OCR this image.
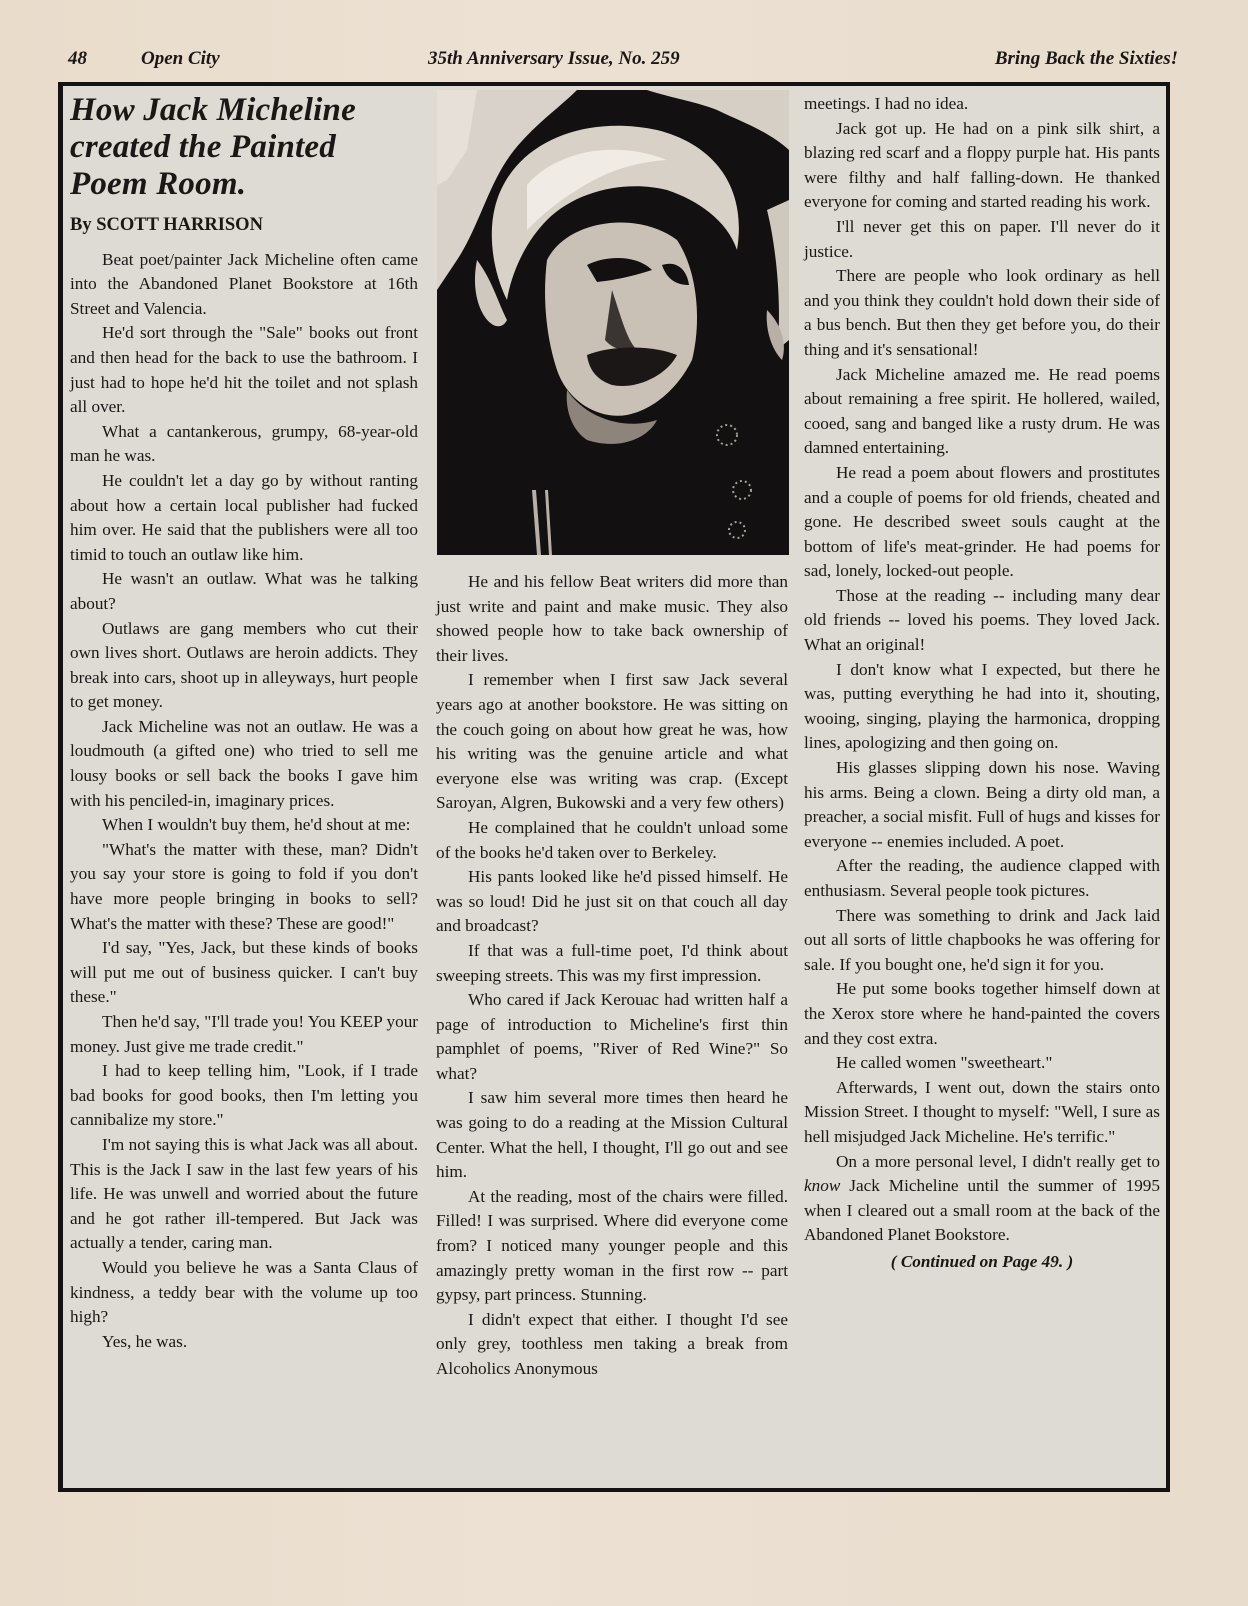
48	Open City	35th Anniversary Issue, No. 259	Bring Back the Sixties!
How Jack Micheline created the Painted Poem Room.
By SCOTT HARRISON

Beat poet/painter Jack Micheline often came into the Abandoned Planet Bookstore at 16th Street and Valencia.

He'd sort through the "Sale" books out front and then head for the back to use the bathroom. I just had to hope he'd hit the toilet and not splash all over.

What a cantankerous, grumpy, 68-year-old man he was.

He couldn't let a day go by without ranting about how a certain local publisher had fucked him over. He said that the publishers were all too timid to touch an outlaw like him.

He wasn't an outlaw. What was he talking about?

Outlaws are gang members who cut their own lives short. Outlaws are heroin addicts. They break into cars, shoot up in alleyways, hurt people to get money.

Jack Micheline was not an outlaw. He was a loudmouth (a gifted one) who tried to sell me lousy books or sell back the books I gave him with his penciled-in, imaginary prices.

When I wouldn't buy them, he'd shout at me:

"What's the matter with these, man? Didn't you say your store is going to fold if you don't have more people bringing in books to sell? What's the matter with these? These are good!"

I'd say, "Yes, Jack, but these kinds of books will put me out of business quicker. I can't buy these."

Then he'd say, "I'll trade you! You KEEP your money. Just give me trade credit."

I had to keep telling him, "Look, if I trade bad books for good books, then I'm letting you cannibalize my store."

I'm not saying this is what Jack was all about. This is the Jack I saw in the last few years of his life. He was unwell and worried about the future and he got rather ill-tempered. But Jack was actually a tender, caring man.

Would you believe he was a Santa Claus of kindness, a teddy bear with the volume up too high?

Yes, he was.

He and his fellow Beat writers did more than just write and paint and make music. They also showed people how to take back ownership of their lives.

I remember when I first saw Jack several years ago at another bookstore. He was sitting on the couch going on about how great he was, how his writing was the genuine article and what everyone else was writing was crap. (Except Saroyan, Algren, Bukowski and a very few others)

He complained that he couldn't unload some of the books he'd taken over to Berkeley.

His pants looked like he'd pissed himself. He was so loud! Did he just sit on that couch all day and broadcast?

If that was a full-time poet, I'd think about sweeping streets. This was my first impression.

Who cared if Jack Kerouac had written half a page of introduction to Micheline's first thin pamphlet of poems, "River of Red Wine?" So what?

I saw him several more times then heard he was going to do a reading at the Mission Cultural Center. What the hell, I thought, I'll go out and see him.

At the reading, most of the chairs were filled. Filled! I was surprised. Where did everyone come from? I noticed many younger people and this amazingly pretty woman in the first row -- part gypsy, part princess. Stunning.

I didn't expect that either. I thought I'd see only grey, toothless men taking a break from Alcoholics Anonymous

meetings. I had no idea.

Jack got up. He had on a pink silk shirt, a blazing red scarf and a floppy purple hat. His pants were filthy and half falling-down. He thanked everyone for coming and started reading his work.

I'll never get this on paper. I'll never do it justice.

There are people who look ordinary as hell and you think they couldn't hold down their side of a bus bench. But then they get before you, do their thing and it's sensational!

Jack Micheline amazed me. He read poems about remaining a free spirit. He hollered, wailed, cooed, sang and banged like a rusty drum. He was damned entertaining.

He read a poem about flowers and prostitutes and a couple of poems for old friends, cheated and gone. He described sweet souls caught at the bottom of life's meat-grinder. He had poems for sad, lonely, locked-out people.

Those at the reading -- including many dear old friends -- loved his poems. They loved Jack. What an original!

I don't know what I expected, but there he was, putting everything he had into it, shouting, wooing, singing, playing the harmonica, dropping lines, apologizing and then going on.

His glasses slipping down his nose. Waving his arms. Being a clown. Being a dirty old man, a preacher, a social misfit. Full of hugs and kisses for everyone -- enemies included. A poet.

After the reading, the audience clapped with enthusiasm. Several people took pictures.

There was something to drink and Jack laid out all sorts of little chapbooks he was offering for sale. If you bought one, he'd sign it for you.

He put some books together himself down at the Xerox store where he hand-painted the covers and they cost extra.

He called women "sweetheart."

Afterwards, I went out, down the stairs onto Mission Street. I thought to myself: "Well, I sure as hell misjudged Jack Micheline. He's terrific."

On a more personal level, I didn't really get to know Jack Micheline until the summer of 1995 when I cleared out a small room at the back of the Abandoned Planet Bookstore.

( Continued on Page 49. )
